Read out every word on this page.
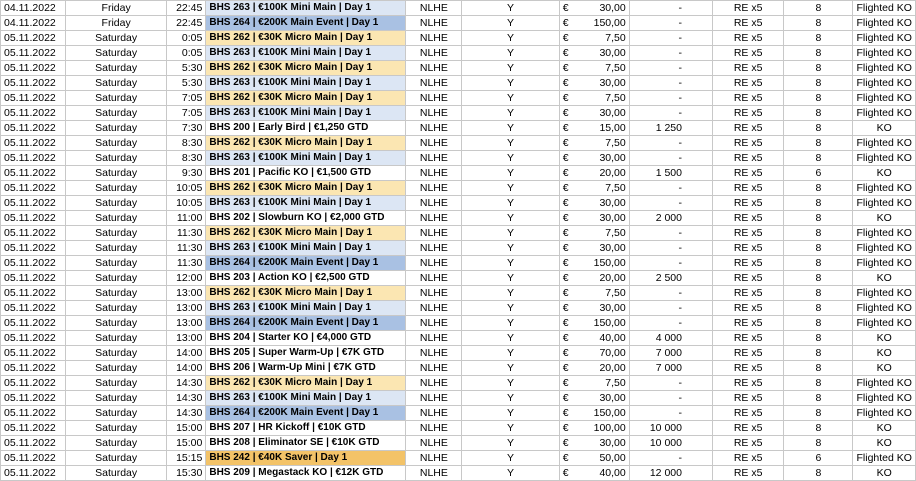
04.11.2022	Friday	22:45	BHS 263 | €100K Mini Main | Day 1	NLHE	Y	€	30,00	-	RE x5	8	Flighted KO
04.11.2022	Friday	22:45	BHS 264 | €200K Main Event | Day 1	NLHE	Y	€	150,00	-	RE x5	8	Flighted KO
05.11.2022	Saturday	0:05	BHS 262 | €30K Micro Main | Day 1	NLHE	Y	€	7,50	-	RE x5	8	Flighted KO
05.11.2022	Saturday	0:05	BHS 263 | €100K Mini Main | Day 1	NLHE	Y	€	30,00	-	RE x5	8	Flighted KO
05.11.2022	Saturday	5:30	BHS 262 | €30K Micro Main | Day 1	NLHE	Y	€	7,50	-	RE x5	8	Flighted KO
05.11.2022	Saturday	5:30	BHS 263 | €100K Mini Main | Day 1	NLHE	Y	€	30,00	-	RE x5	8	Flighted KO
05.11.2022	Saturday	7:05	BHS 262 | €30K Micro Main | Day 1	NLHE	Y	€	7,50	-	RE x5	8	Flighted KO
05.11.2022	Saturday	7:05	BHS 263 | €100K Mini Main | Day 1	NLHE	Y	€	30,00	-	RE x5	8	Flighted KO
05.11.2022	Saturday	7:30	BHS 200 | Early Bird | €1,250 GTD	NLHE	Y	€	15,00	1 250	RE x5	8	KO
05.11.2022	Saturday	8:30	BHS 262 | €30K Micro Main | Day 1	NLHE	Y	€	7,50	-	RE x5	8	Flighted KO
05.11.2022	Saturday	8:30	BHS 263 | €100K Mini Main | Day 1	NLHE	Y	€	30,00	-	RE x5	8	Flighted KO
05.11.2022	Saturday	9:30	BHS 201 | Pacific KO | €1,500 GTD	NLHE	Y	€	20,00	1 500	RE x5	6	KO
05.11.2022	Saturday	10:05	BHS 262 | €30K Micro Main | Day 1	NLHE	Y	€	7,50	-	RE x5	8	Flighted KO
05.11.2022	Saturday	10:05	BHS 263 | €100K Mini Main | Day 1	NLHE	Y	€	30,00	-	RE x5	8	Flighted KO
05.11.2022	Saturday	11:00	BHS 202 | Slowburn KO | €2,000 GTD	NLHE	Y	€	30,00	2 000	RE x5	8	KO
05.11.2022	Saturday	11:30	BHS 262 | €30K Micro Main | Day 1	NLHE	Y	€	7,50	-	RE x5	8	Flighted KO
05.11.2022	Saturday	11:30	BHS 263 | €100K Mini Main | Day 1	NLHE	Y	€	30,00	-	RE x5	8	Flighted KO
05.11.2022	Saturday	11:30	BHS 264 | €200K Main Event | Day 1	NLHE	Y	€	150,00	-	RE x5	8	Flighted KO
05.11.2022	Saturday	12:00	BHS 203 | Action KO | €2,500 GTD	NLHE	Y	€	20,00	2 500	RE x5	8	KO
05.11.2022	Saturday	13:00	BHS 262 | €30K Micro Main | Day 1	NLHE	Y	€	7,50	-	RE x5	8	Flighted KO
05.11.2022	Saturday	13:00	BHS 263 | €100K Mini Main | Day 1	NLHE	Y	€	30,00	-	RE x5	8	Flighted KO
05.11.2022	Saturday	13:00	BHS 264 | €200K Main Event | Day 1	NLHE	Y	€	150,00	-	RE x5	8	Flighted KO
05.11.2022	Saturday	13:00	BHS 204 | Starter KO | €4,000 GTD	NLHE	Y	€	40,00	4 000	RE x5	8	KO
05.11.2022	Saturday	14:00	BHS 205 | Super Warm-Up | €7K GTD	NLHE	Y	€	70,00	7 000	RE x5	8	KO
05.11.2022	Saturday	14:00	BHS 206 | Warm-Up Mini | €7K GTD	NLHE	Y	€	20,00	7 000	RE x5	8	KO
05.11.2022	Saturday	14:30	BHS 262 | €30K Micro Main | Day 1	NLHE	Y	€	7,50	-	RE x5	8	Flighted KO
05.11.2022	Saturday	14:30	BHS 263 | €100K Mini Main | Day 1	NLHE	Y	€	30,00	-	RE x5	8	Flighted KO
05.11.2022	Saturday	14:30	BHS 264 | €200K Main Event | Day 1	NLHE	Y	€	150,00	-	RE x5	8	Flighted KO
05.11.2022	Saturday	15:00	BHS 207 | HR Kickoff | €10K GTD	NLHE	Y	€	100,00	10 000	RE x5	8	KO
05.11.2022	Saturday	15:00	BHS 208 | Eliminator SE | €10K GTD	NLHE	Y	€	30,00	10 000	RE x5	8	KO
05.11.2022	Saturday	15:15	BHS 242 | €40K Saver | Day 1	NLHE	Y	€	50,00	-	RE x5	6	Flighted KO
05.11.2022	Saturday	15:30	BHS 209 | Megastack KO | €12K GTD	NLHE	Y	€	40,00	12 000	RE x5	8	KO
